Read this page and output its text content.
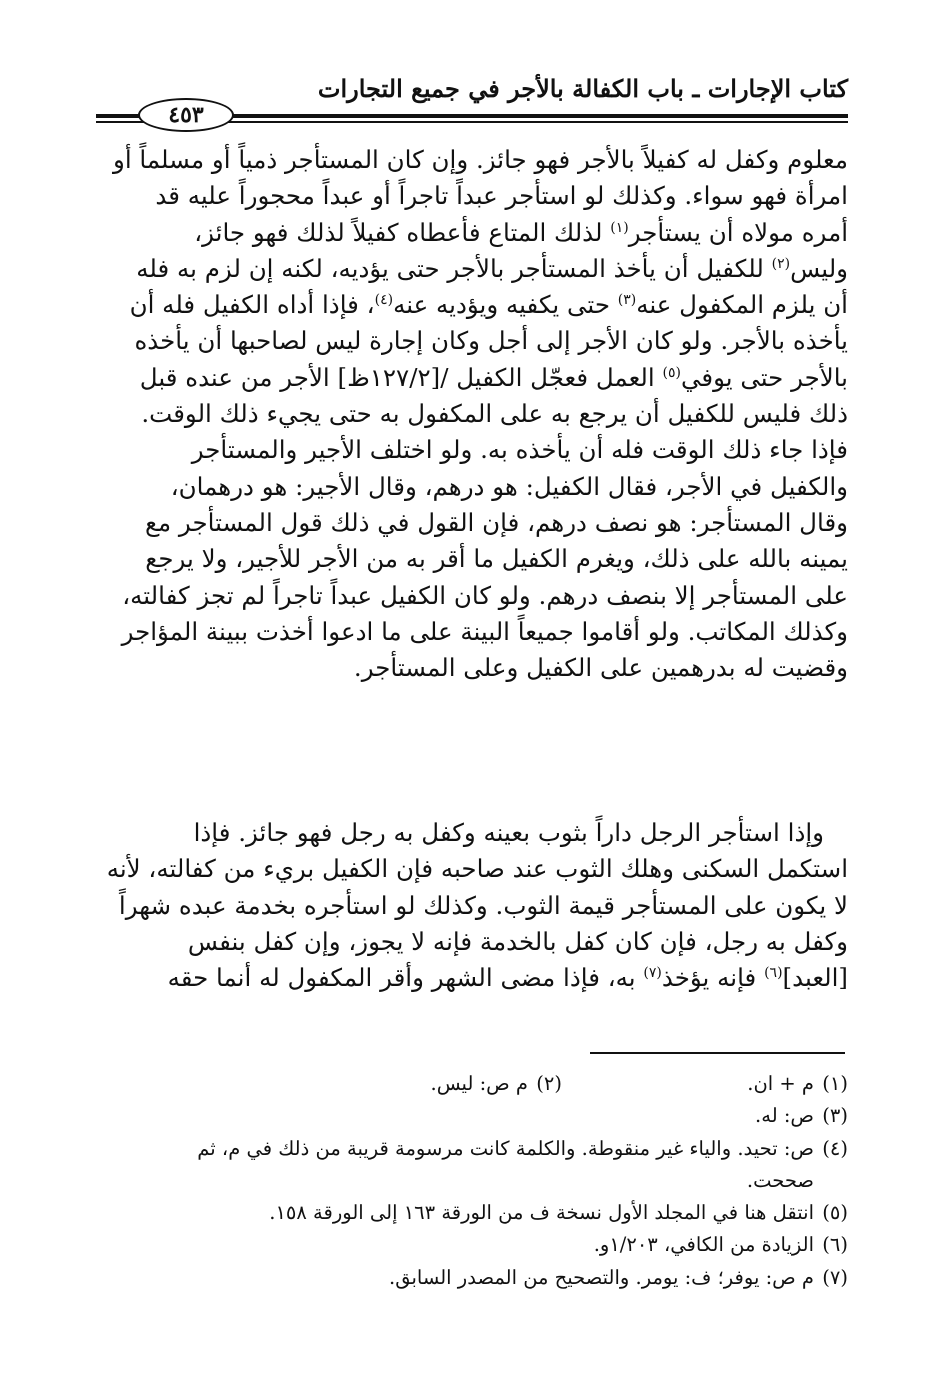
كتاب الإجارات ـ باب الكفالة بالأجر في جميع التجارات
٤٥٣
معلوم وكفل له كفيلاً بالأجر فهو جائز. وإن كان المستأجر ذمياً أو مسلماً أو
امرأة فهو سواء. وكذلك لو استأجر عبداً تاجراً أو عبداً محجوراً عليه قد
أمره مولاه أن يستأجر$^{(١)}$ لذلك المتاع فأعطاه كفيلاً لذلك فهو جائز،
وليس$^{(٢)}$ للكفيل أن يأخذ المستأجر بالأجر حتى يؤديه، لكنه إن لزم به فله
أن يلزم المكفول عنه$^{(٣)}$ حتى يكفيه ويؤديه عنه$^{(٤)}$، فإذا أداه الكفيل فله أن
يأخذه بالأجر. ولو كان الأجر إلى أجل وكان إجارة ليس لصاحبها أن يأخذه
بالأجر حتى يوفي$^{(٥)}$ العمل فعجّل الكفيل /[١٢٧/٢ظ] الأجر من عنده قبل
ذلك فليس للكفيل أن يرجع به على المكفول به حتى يجيء ذلك الوقت.
فإذا جاء ذلك الوقت فله أن يأخذه به. ولو اختلف الأجير والمستأجر
والكفيل في الأجر، فقال الكفيل: هو درهم، وقال الأجير: هو درهمان،
وقال المستأجر: هو نصف درهم، فإن القول في ذلك قول المستأجر مع
يمينه بالله على ذلك، ويغرم الكفيل ما أقر به من الأجر للأجير، ولا يرجع
على المستأجر إلا بنصف درهم. ولو كان الكفيل عبداً تاجراً لم تجز كفالته،
وكذلك المكاتب. ولو أقاموا جميعاً البينة على ما ادعوا أخذت ببينة المؤاجر
وقضيت له بدرهمين على الكفيل وعلى المستأجر.
وإذا استأجر الرجل داراً بثوب بعينه وكفل به رجل فهو جائز. فإذا
استكمل السكنى وهلك الثوب عند صاحبه فإن الكفيل بريء من كفالته، لأنه
لا يكون على المستأجر قيمة الثوب. وكذلك لو استأجره بخدمة عبده شهراً
وكفل به رجل، فإن كان كفل بالخدمة فإنه لا يجوز، وإن كفل بنفس
[العبد]$^{(٦)}$ فإنه يؤخذ$^{(٧)}$ به، فإذا مضى الشهر وأقر المكفول له أنما حقه
(١)
م + ان.
(٢)
م ص: ليس.
(٣)
ص: له.
(٤)
ص: تحيد. والياء غير منقوطة. والكلمة كانت مرسومة قريبة من ذلك في م، ثم
صححت.
(٥)
انتقل هنا في المجلد الأول نسخة ف من الورقة ١٦٣ إلى الورقة ١٥٨.
(٦)
الزيادة من الكافي، ١/٢٠٣و.
(٧)
م ص: يوفر؛ ف: يومر. والتصحيح من المصدر السابق.
